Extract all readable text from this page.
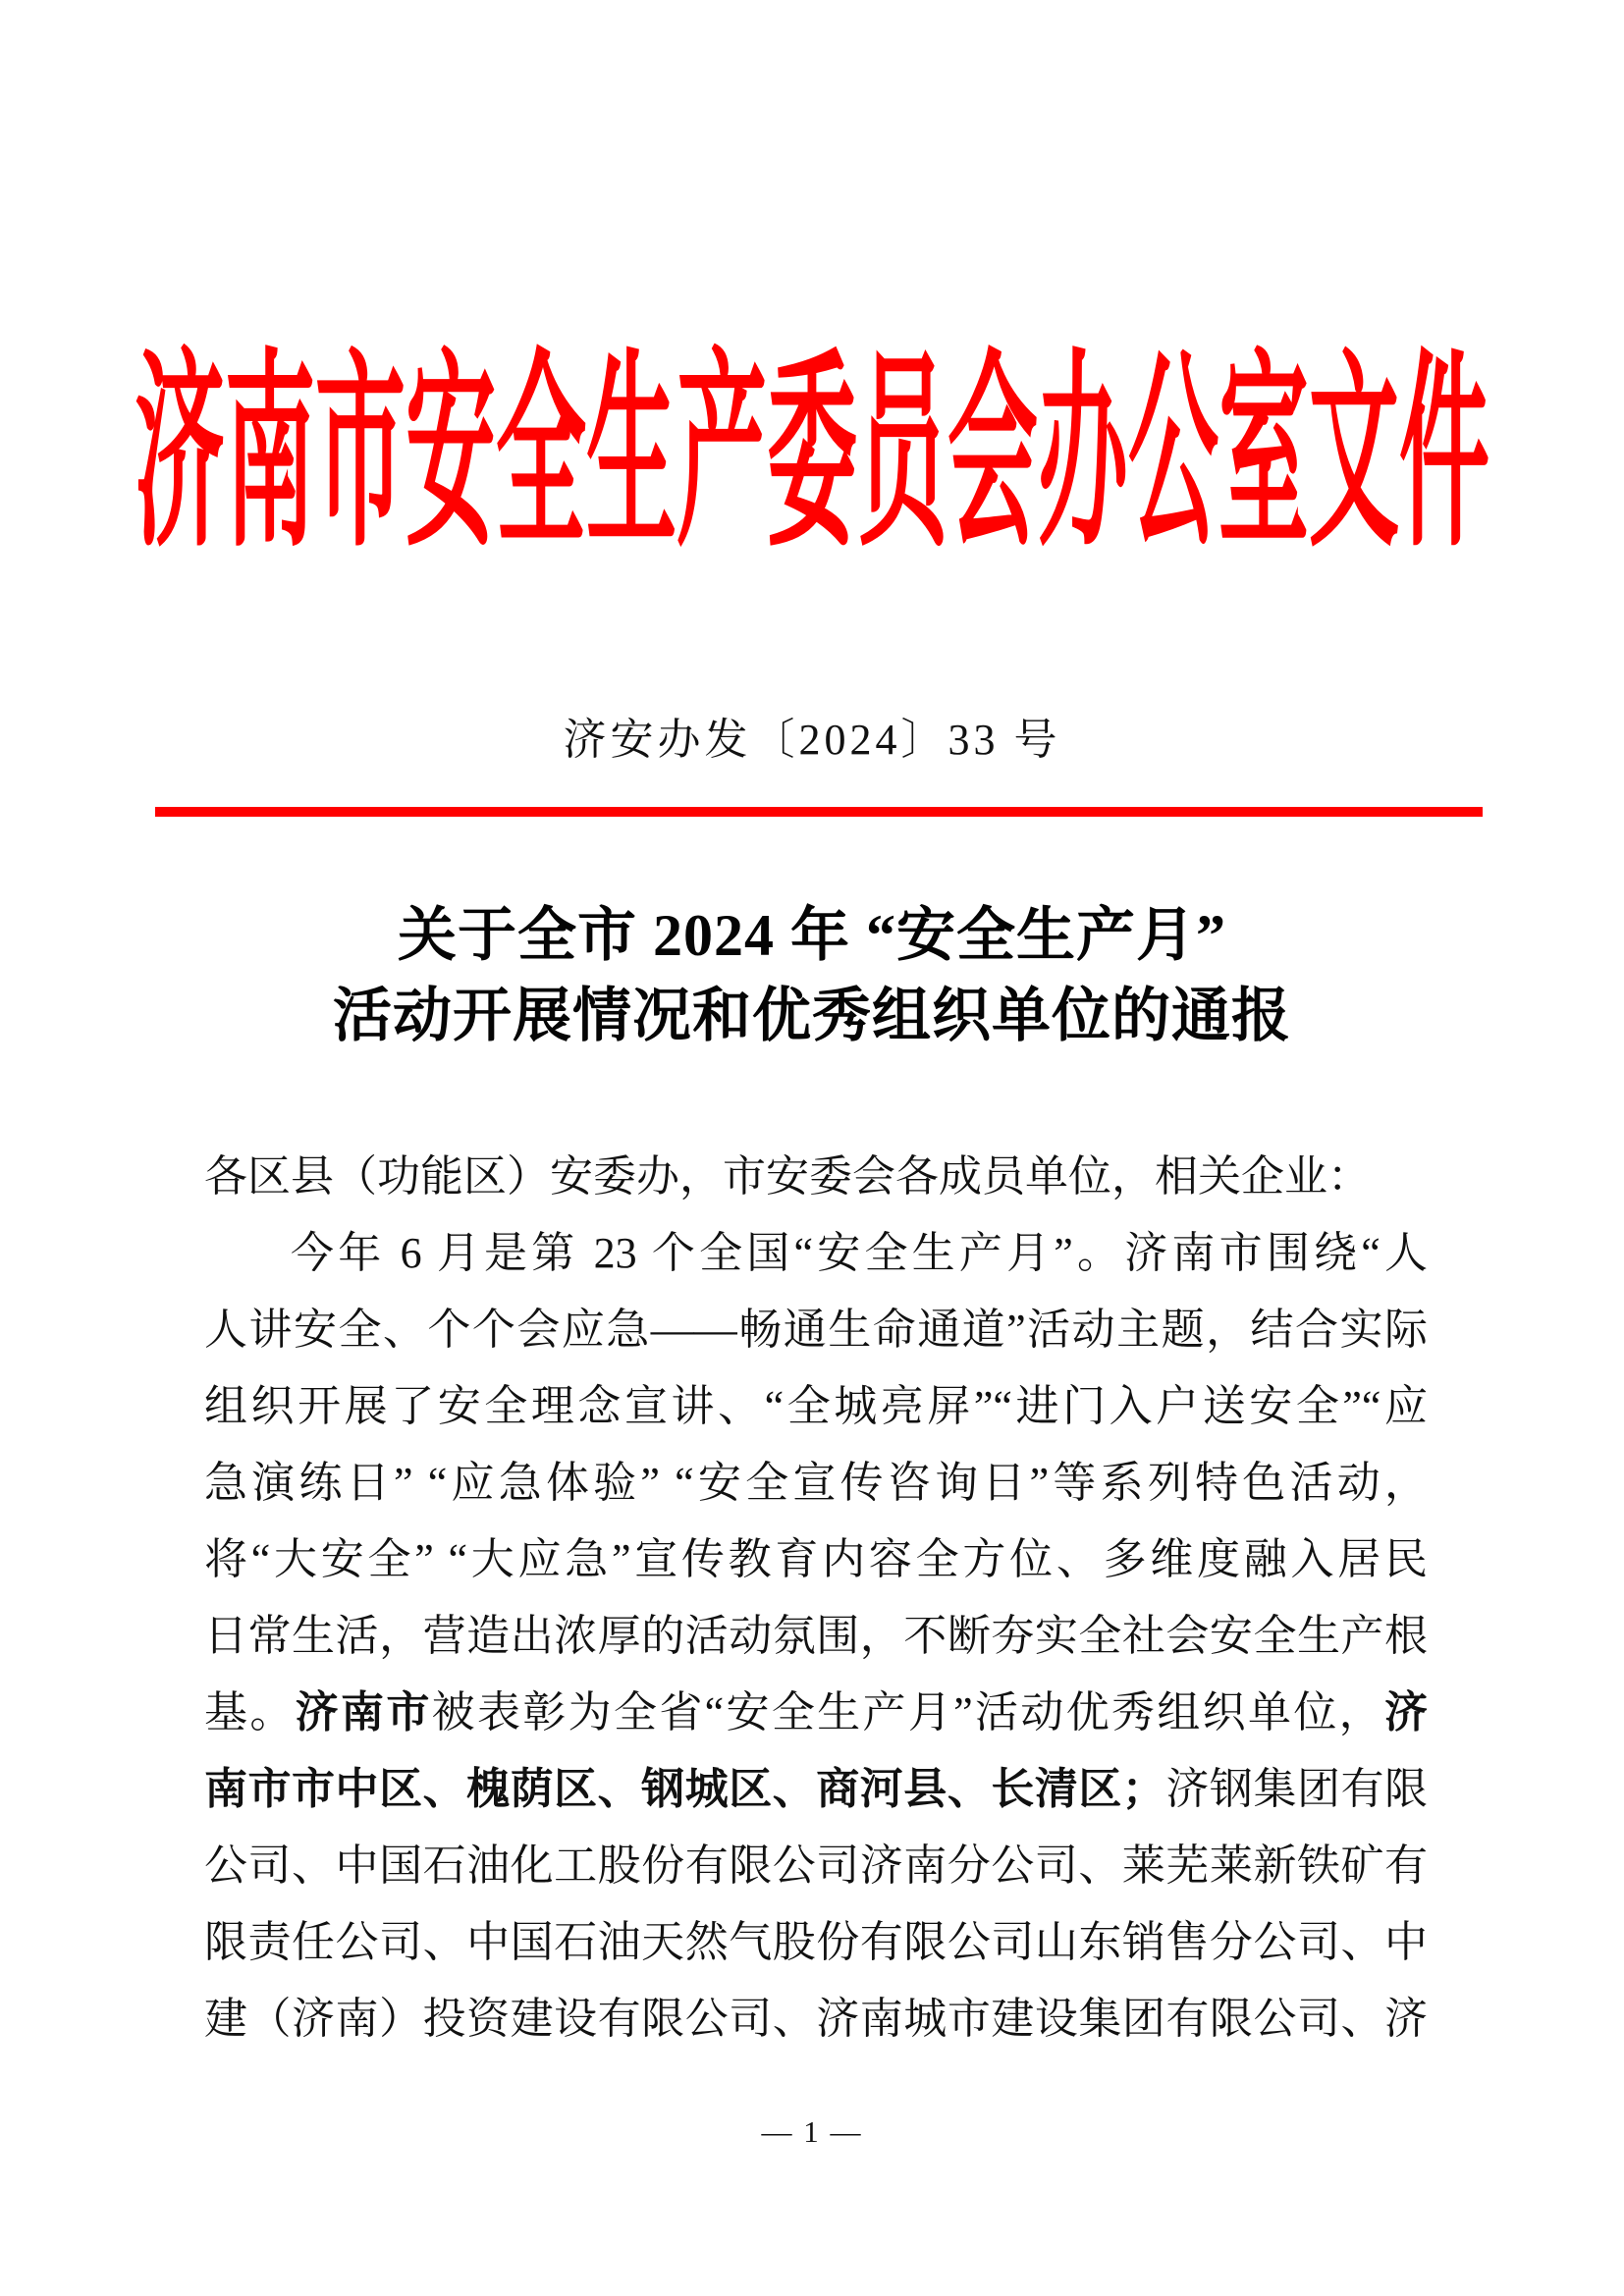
济南市安全生产委员会办公室文件
济安办发〔2024〕33 号
关于全市 2024 年 “安全生产月”
活动开展情况和优秀组织单位的通报
各区县（功能区）安委办，市安委会各成员单位，相关企业：
今年 6 月是第 23 个全国“安全生产月”。济南市围绕“人
人讲安全、个个会应急——畅通生命通道”活动主题，结合实际
组织开展了安全理念宣讲、“全城亮屏”“进门入户送安全”“应
急演练日” “应急体验” “安全宣传咨询日”等系列特色活动，
将“大安全” “大应急”宣传教育内容全方位、多维度融入居民
日常生活，营造出浓厚的活动氛围，不断夯实全社会安全生产根
基。济南市被表彰为全省“安全生产月”活动优秀组织单位，济
南市市中区、槐荫区、钢城区、商河县、长清区；济钢集团有限
公司、中国石油化工股份有限公司济南分公司、莱芜莱新铁矿有
限责任公司、中国石油天然气股份有限公司山东销售分公司、中
建（济南）投资建设有限公司、济南城市建设集团有限公司、济
— 1 —
